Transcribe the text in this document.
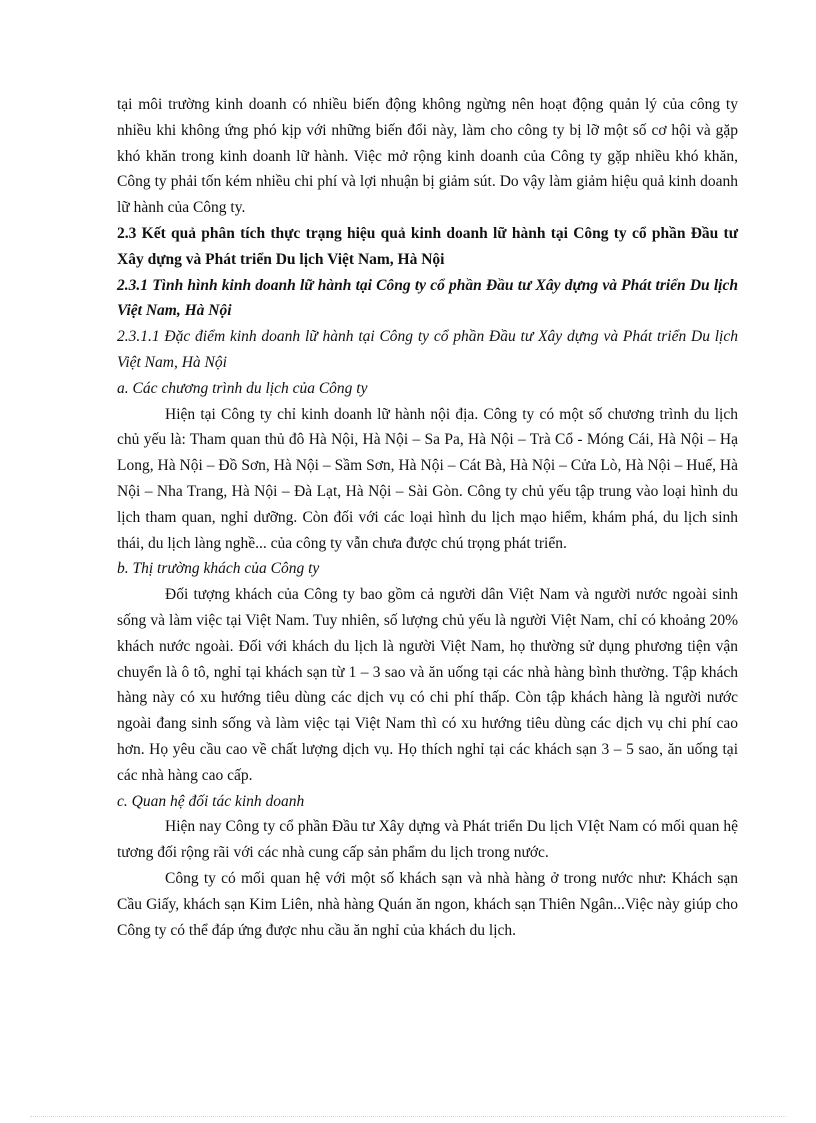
tại môi trường kinh doanh có nhiều biến động không ngừng nên hoạt động quản lý của công ty nhiều khi không ứng phó kịp với những biến đổi này, làm cho công ty bị lỡ một số cơ hội và gặp khó khăn trong kinh doanh lữ hành. Việc mở rộng kinh doanh của Công ty gặp nhiều khó khăn, Công ty phải tốn kém nhiều chi phí và lợi nhuận bị giảm sút. Do vậy làm giảm hiệu quả kinh doanh lữ hành của Công ty.

2.3 Kết quả phân tích thực trạng hiệu quả kinh doanh lữ hành tại Công ty cổ phần Đầu tư Xây dựng và Phát triển Du lịch Việt Nam, Hà Nội

2.3.1 Tình hình kinh doanh lữ hành tại Công ty cổ phần Đầu tư Xây dựng và Phát triển Du lịch Việt Nam, Hà Nội

2.3.1.1 Đặc điểm kinh doanh lữ hành tại Công ty cổ phần Đầu tư Xây dựng và Phát triển Du lịch Việt Nam, Hà Nội

a. Các chương trình du lịch của Công ty

Hiện tại Công ty chỉ kinh doanh lữ hành nội địa. Công ty có một số chương trình du lịch chủ yếu là: Tham quan thủ đô Hà Nội, Hà Nội – Sa Pa, Hà Nội – Trà Cổ - Móng Cái, Hà Nội – Hạ Long, Hà Nội – Đồ Sơn, Hà Nội – Sầm Sơn, Hà Nội – Cát Bà, Hà Nội – Cửa Lò, Hà Nội – Huế, Hà Nội – Nha Trang, Hà Nội – Đà Lạt, Hà Nội – Sài Gòn. Công ty chủ yếu tập trung vào loại hình du lịch tham quan, nghỉ dưỡng. Còn đối với các loại hình du lịch mạo hiểm, khám phá, du lịch sinh thái, du lịch làng nghề... của công ty vẫn chưa được chú trọng phát triển.

b. Thị trường khách của Công ty

Đối tượng khách của Công ty bao gồm cả người dân Việt Nam và người nước ngoài sinh sống và làm việc tại Việt Nam. Tuy nhiên, số lượng chủ yếu là người Việt Nam, chỉ có khoảng 20% khách nước ngoài. Đối với khách du lịch là người Việt Nam, họ thường sử dụng phương tiện vận chuyển là ô tô, nghỉ tại khách sạn từ 1 – 3 sao và ăn uống tại các nhà hàng bình thường. Tập khách hàng này có xu hướng tiêu dùng các dịch vụ có chi phí thấp. Còn tập khách hàng là người nước ngoài đang sinh sống và làm việc tại Việt Nam thì có xu hướng tiêu dùng các dịch vụ chi phí cao hơn. Họ yêu cầu cao về chất lượng dịch vụ. Họ thích nghỉ tại các khách sạn 3 – 5 sao, ăn uống tại các nhà hàng cao cấp.

c. Quan hệ đối tác kinh doanh

Hiện nay Công ty cổ phần Đầu tư Xây dựng và Phát triển Du lịch VIệt Nam có mối quan hệ tương đối rộng rãi với các nhà cung cấp sản phẩm du lịch trong nước.

Công ty có mối quan hệ với một số khách sạn và nhà hàng ở trong nước như: Khách sạn Cầu Giấy, khách sạn Kim Liên, nhà hàng Quán ăn ngon, khách sạn Thiên Ngân...Việc này giúp cho Công ty có thể đáp ứng được nhu cầu ăn nghỉ của khách du lịch.
